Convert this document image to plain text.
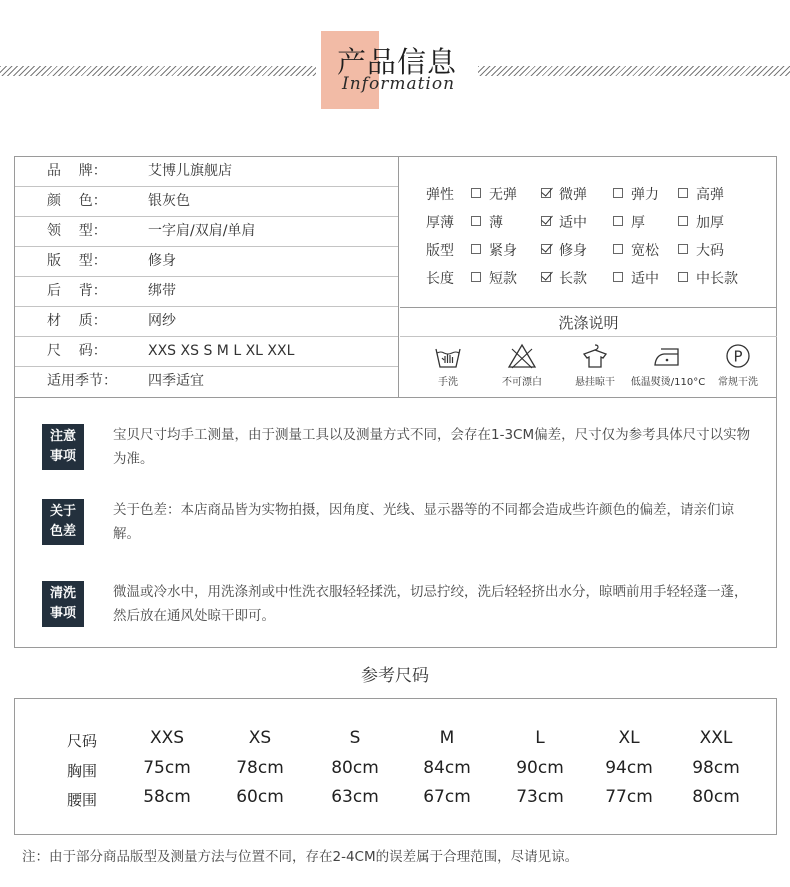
产品信息
Information
品    牌：	艾博儿旗舰店
颜    色：	银灰色
领    型：	一字肩/双肩/单肩
版    型：	修身
后    背：	绑带
材    质：	网纱
尺    码：	XXS XS S M L XL XXL
适用季节：	四季适宜
弹性	无弹	微弹	弹力	高弹
厚薄	薄	适中	厚	加厚
版型	紧身	修身	宽松	大码
长度	短款	长款	适中	中长款
洗涤说明
手洗	不可漂白	悬挂晾干	低温熨烫/110°C
P
常规干洗
注意
事项
宝贝尺寸均手工测量，由于测量工具以及测量方式不同，会存在1-3CM偏差，尺寸仅为参考具体尺寸以实物为准。
关于
色差
关于色差：本店商品皆为实物拍摄，因角度、光线、显示器等的不同都会造成些许颜色的偏差，请亲们谅解。
清洗
事项
微温或冷水中，用洗涤剂或中性洗衣服轻轻揉洗，切忌拧绞，洗后轻轻挤出水分，晾晒前用手轻轻蓬一蓬，然后放在通风处晾干即可。
参考尺码
尺码	XXS	XS	S	M	L	XL	XXL
胸围	75cm	78cm	80cm	84cm	90cm	94cm	98cm
腰围	58cm	60cm	63cm	67cm	73cm	77cm	80cm
注：由于部分商品版型及测量方法与位置不同，存在2-4CM的误差属于合理范围，尽请见谅。
